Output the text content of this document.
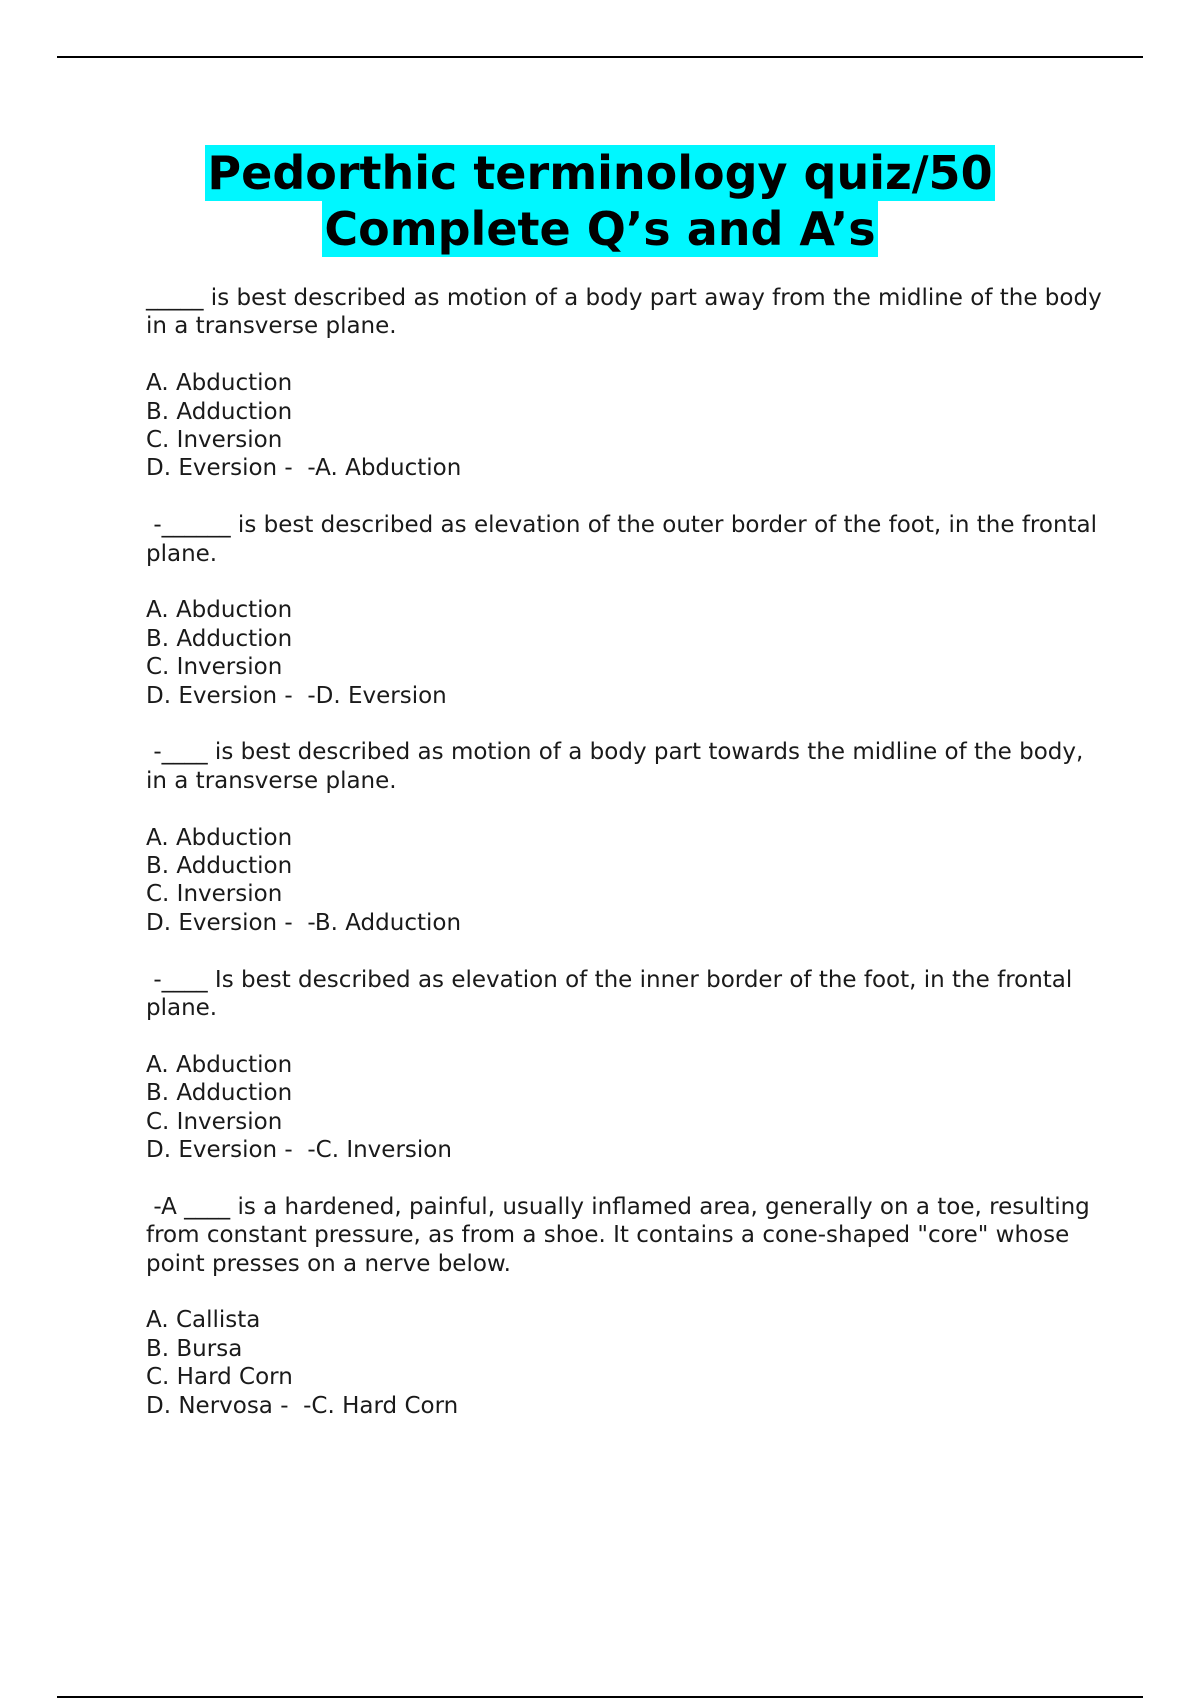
Pedorthic terminology quiz/50
Complete Q’s and A’s

_____ is best described as motion of a body part away from the midline of the body in a transverse plane.

A. Abduction
B. Adduction
C. Inversion
D. Eversion -  -A. Abduction

-______ is best described as elevation of the outer border of the foot, in the frontal plane.

A. Abduction
B. Adduction
C. Inversion
D. Eversion -  -D. Eversion

-____ is best described as motion of a body part towards the midline of the body, in a transverse plane.

A. Abduction
B. Adduction
C. Inversion
D. Eversion -  -B. Adduction

-____ Is best described as elevation of the inner border of the foot, in the frontal plane.

A. Abduction
B. Adduction
C. Inversion
D. Eversion -  -C. Inversion

-A ____ is a hardened, painful, usually inflamed area, generally on a toe, resulting from constant pressure, as from a shoe. It contains a cone-shaped "core" whose point presses on a nerve below.

A. Callista
B. Bursa
C. Hard Corn
D. Nervosa -  -C. Hard Corn
